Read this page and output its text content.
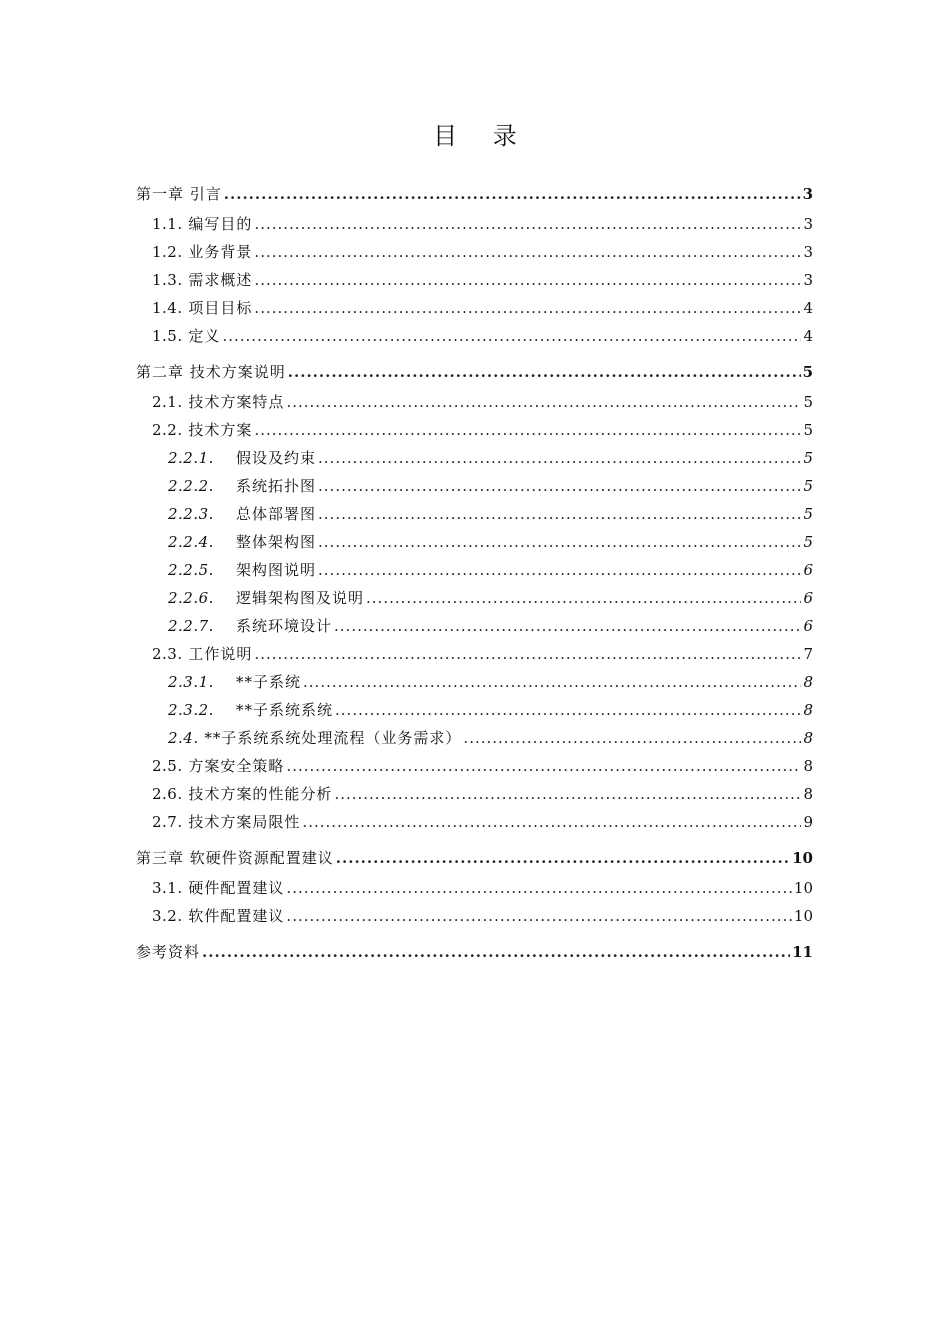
目 录
第一章 引言 .....	3
1.1. 编写目的 .....	3
1.2. 业务背景 .....	3
1.3. 需求概述 .....	3
1.4. 项目目标 .....	4
1.5. 定义 .....	4
第二章 技术方案说明 .....	5
2.1. 技术方案特点 .....	5
2.2. 技术方案 .....	5
2.2.1. 假设及约束 .....	5
2.2.2. 系统拓扑图 .....	5
2.2.3. 总体部署图 .....	5
2.2.4. 整体架构图 .....	5
2.2.5. 架构图说明 .....	6
2.2.6. 逻辑架构图及说明 .....	6
2.2.7. 系统环境设计 .....	6
2.3. 工作说明 .....	7
2.3.1. **子系统 .....	8
2.3.2. **子系统系统 .....	8
2.4. **子系统系统处理流程（业务需求） .....	8
2.5. 方案安全策略 .....	8
2.6. 技术方案的性能分析 .....	8
2.7. 技术方案局限性 .....	9
第三章 软硬件资源配置建议 .....	10
3.1. 硬件配置建议 .....	10
3.2. 软件配置建议 .....	10
参考资料 .....	11
